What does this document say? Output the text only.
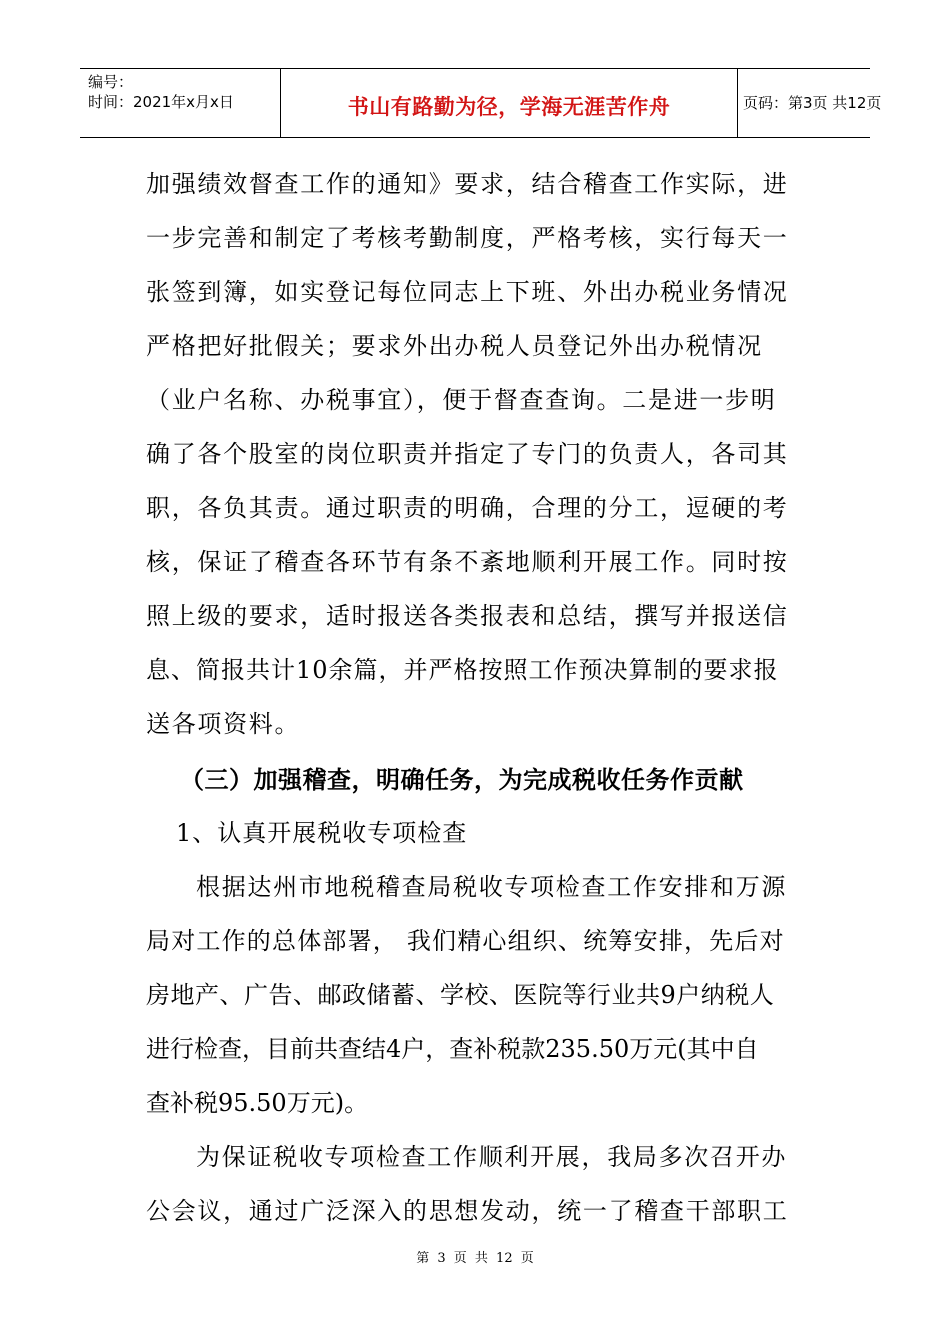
编号：
时间：2021年x月x日	书山有路勤为径，学海无涯苦作舟	页码：第3页 共12页
加强绩效督查工作的通知》要求，结合稽查工作实际，进
一步完善和制定了考核考勤制度，严格考核，实行每天一
张签到簿，如实登记每位同志上下班、外出办税业务情况
严格把好批假关；要求外出办税人员登记外出办税情况
（业户名称、办税事宜），便于督查查询。二是进一步明
确了各个股室的岗位职责并指定了专门的负责人，各司其
职，各负其责。通过职责的明确，合理的分工，逗硬的考
核，保证了稽查各环节有条不紊地顺利开展工作。同时按
照上级的要求，适时报送各类报表和总结，撰写并报送信
息、简报共计10余篇，并严格按照工作预决算制的要求报
送各项资料。
（三）加强稽查，明确任务，为完成税收任务作贡献
1、认真开展税收专项检查
根据达州市地税稽查局税收专项检查工作安排和万源
局对工作的总体部署， 我们精心组织、统筹安排，先后对
房地产、广告、邮政储蓄、学校、医院等行业共9户纳税人
进行检查，目前共查结4户，查补税款235.50万元(其中自
查补税95.50万元)。
为保证税收专项检查工作顺利开展，我局多次召开办
公会议，通过广泛深入的思想发动，统一了稽查干部职工
第 3 页 共 12 页
